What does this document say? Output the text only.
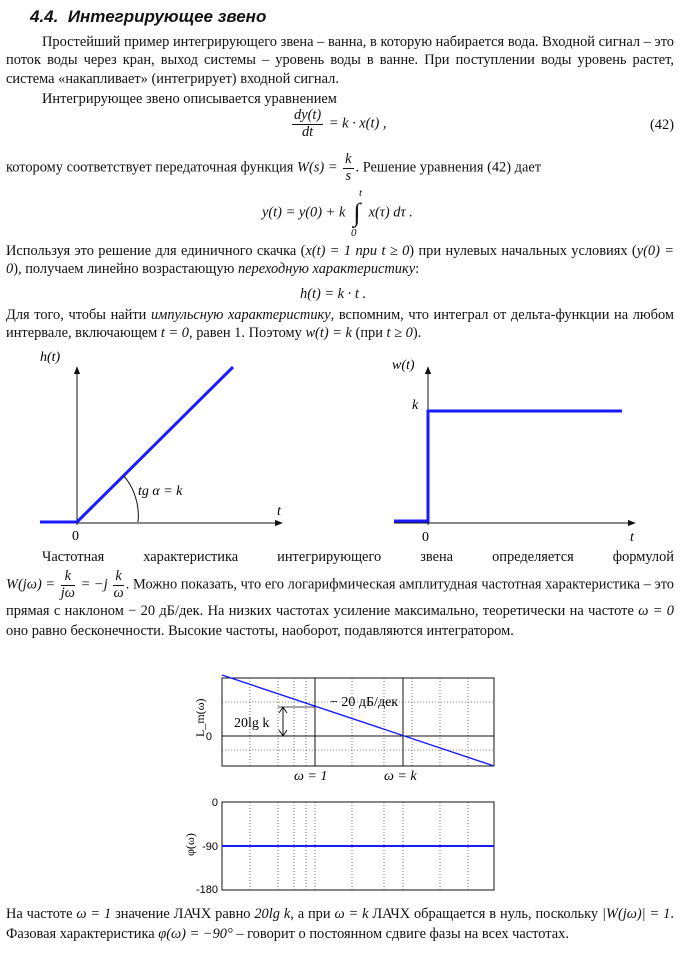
4.4. Интегрирующее звено
Простейший пример интегрирующего звена – ванна, в которую набирается вода. Входной сигнал – это поток воды через кран, выход системы – уровень воды в ванне. При поступлении воды уровень растет, система «накапливает» (интегрирует) входной сигнал.
Интегрирующее звено описывается уравнением
$\frac{dy(t)}{dt} = k \cdot x(t)$ ,	(42)
которому соответствует передаточная функция $W(s) = \frac{k}{s}$ . Решение уравнения (42) дает
y(t) = y(0) + k ∫
t
0
x(τ) dτ .
Используя это решение для единичного скачка (x(t) = 1 при t ≥ 0) при нулевых начальных условиях (y(0) = 0), получаем линейно возрастающую переходную характеристику:
h(t) = k · t .
Для того, чтобы найти импульсную характеристику, вспомним, что интеграл от дельта-функции на любом интервале, включающем t = 0, равен 1. Поэтому w(t) = k (при t ≥ 0).
h(t)
t
0
tg α = k
w(t)
t
0
k
Частотная характеристика интегрирующего звена определяется формулой
$W(j\omega) = \frac{k}{j\omega} = -j \frac{k}{\omega}$ . Можно показать, что его логарифмическая амплитудная частотная характеристика – это прямая с наклоном − 20 дБ/дек. На низких частотах усиление максимально, теоретически на частоте ω = 0 оно равно бесконечности. Высокие частоты, наоборот, подавляются интегратором.
20lg k
− 20 дБ/дек
0
L_m(ω)
ω = 1	ω = k
0
-90
-180
φ(ω)
На частоте ω = 1 значение ЛАЧХ равно 20lg k, а при ω = k ЛАЧХ обращается в нуль, поскольку |W(jω)| = 1. Фазовая характеристика φ(ω) = −90° – говорит о постоянном сдвиге фазы на всех частотах.
